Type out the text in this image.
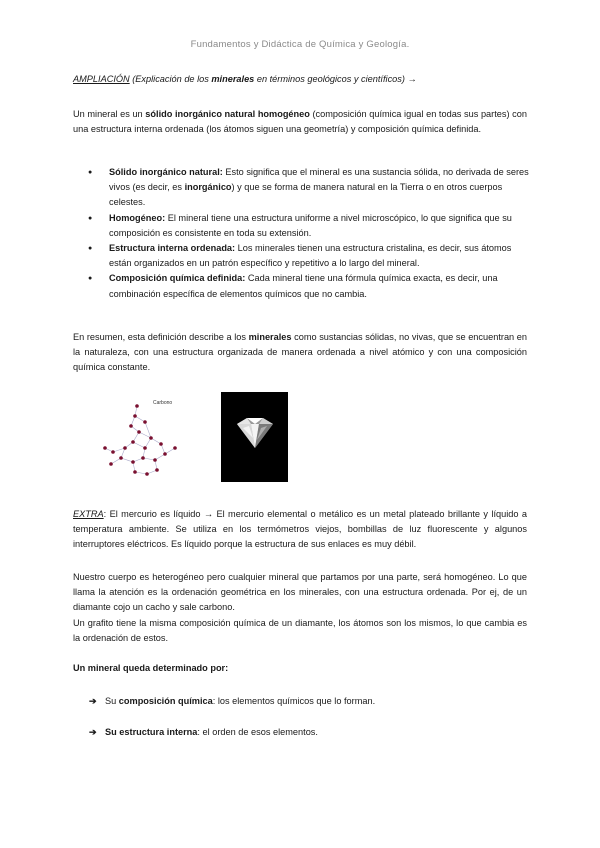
Fundamentos y Didáctica de Química y Geología.
AMPLIACIÓN (Explicación de los minerales en términos geológicos y científicos) →
Un mineral es un sólido inorgánico natural homogéneo (composición química igual en todas sus partes) con una estructura interna ordenada (los átomos siguen una geometría) y composición química definida.
● Sólido inorgánico natural: Esto significa que el mineral es una sustancia sólida, no derivada de seres vivos (es decir, es inorgánico) y que se forma de manera natural en la Tierra o en otros cuerpos celestes.
● Homogéneo: El mineral tiene una estructura uniforme a nivel microscópico, lo que significa que su composición es consistente en toda su extensión.
● Estructura interna ordenada: Los minerales tienen una estructura cristalina, es decir, sus átomos están organizados en un patrón específico y repetitivo a lo largo del mineral.
● Composición química definida: Cada mineral tiene una fórmula química exacta, es decir, una combinación específica de elementos químicos que no cambia.
En resumen, esta definición describe a los minerales como sustancias sólidas, no vivas, que se encuentran en la naturaleza, con una estructura organizada de manera ordenada a nivel atómico y con una composición química constante.
Carbono
EXTRA: El mercurio es líquido → El mercurio elemental o metálico es un metal plateado brillante y líquido a temperatura ambiente. Se utiliza en los termómetros viejos, bombillas de luz fluorescente y algunos interruptores eléctricos. Es líquido porque la estructura de sus enlaces es muy débil.
Nuestro cuerpo es heterogéneo pero cualquier mineral que partamos por una parte, será homogéneo. Lo que llama la atención es la ordenación geométrica en los minerales, con una estructura ordenada. Por ej, de un diamante cojo un cacho y sale carbono.
Un grafito tiene la misma composición química de un diamante, los átomos son los mismos, lo que cambia es la ordenación de estos.
Un mineral queda determinado por:
➔ Su composición química: los elementos químicos que lo forman.
➔ Su estructura interna: el orden de esos elementos.
